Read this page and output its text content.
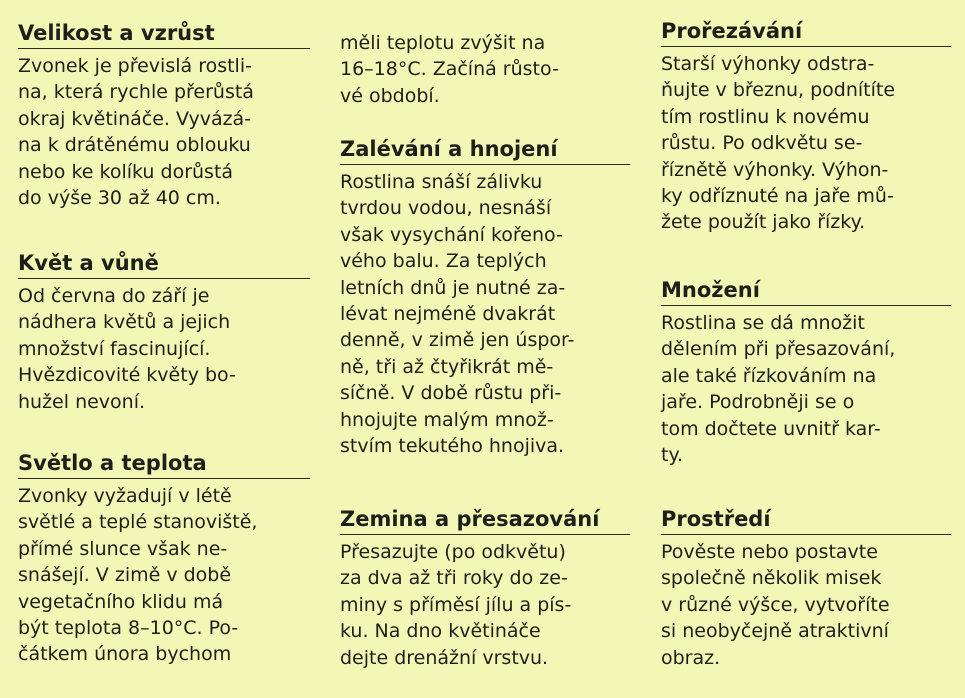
Velikost a vzrůst

Zvonek je převislá rostli-

na, která rychle přerůstá

okraj květináče. Vyvázá-

na k drátěnému oblouku

nebo ke kolíku dorůstá

do výše 30 až 40 cm.

Květ a vůně

Od června do září je

nádhera květů a jejich

množství fascinující.

Hvězdicovité květy bo-

hužel nevoní.

Světlo a teplota

Zvonky vyžadují v létě

světlé a teplé stanoviště,

přímé slunce však ne-

snášejí. V zimě v době

vegetačního klidu má

být teplota 8–10°C. Po-

čátkem února bychom

měli teplotu zvýšit na

16–18°C. Začíná růsto-

vé období.

Zalévání a hnojení

Rostlina snáší zálivku

tvrdou vodou, nesnáší

však vysychání kořeno-

vého balu. Za teplých

letních dnů je nutné za-

lévat nejméně dvakrát

denně, v zimě jen úspor-

ně, tři až čtyřikrát mě-

síčně. V době růstu při-

hnojujte malým množ-

stvím tekutého hnojiva.

Zemina a přesazování

Přesazujte (po odkvětu)

za dva až tři roky do ze-

miny s příměsí jílu a pís-

ku. Na dno květináče

dejte drenážní vrstvu.

Prořezávání

Starší výhonky odstra-

ňujte v březnu, podnítíte

tím rostlinu k novému

růstu. Po odkvětu se-

říznětě výhonky. Výhon-

ky odříznuté na jaře mů-

žete použít jako řízky.

Množení

Rostlina se dá množit

dělením při přesazování,

ale také řízkováním na

jaře. Podrobněji se o

tom dočtete uvnitř kar-

ty.

Prostředí

Pověste nebo postavte

společně několik misek

v různé výšce, vytvoříte

si neobyčejně atraktivní

obraz.
